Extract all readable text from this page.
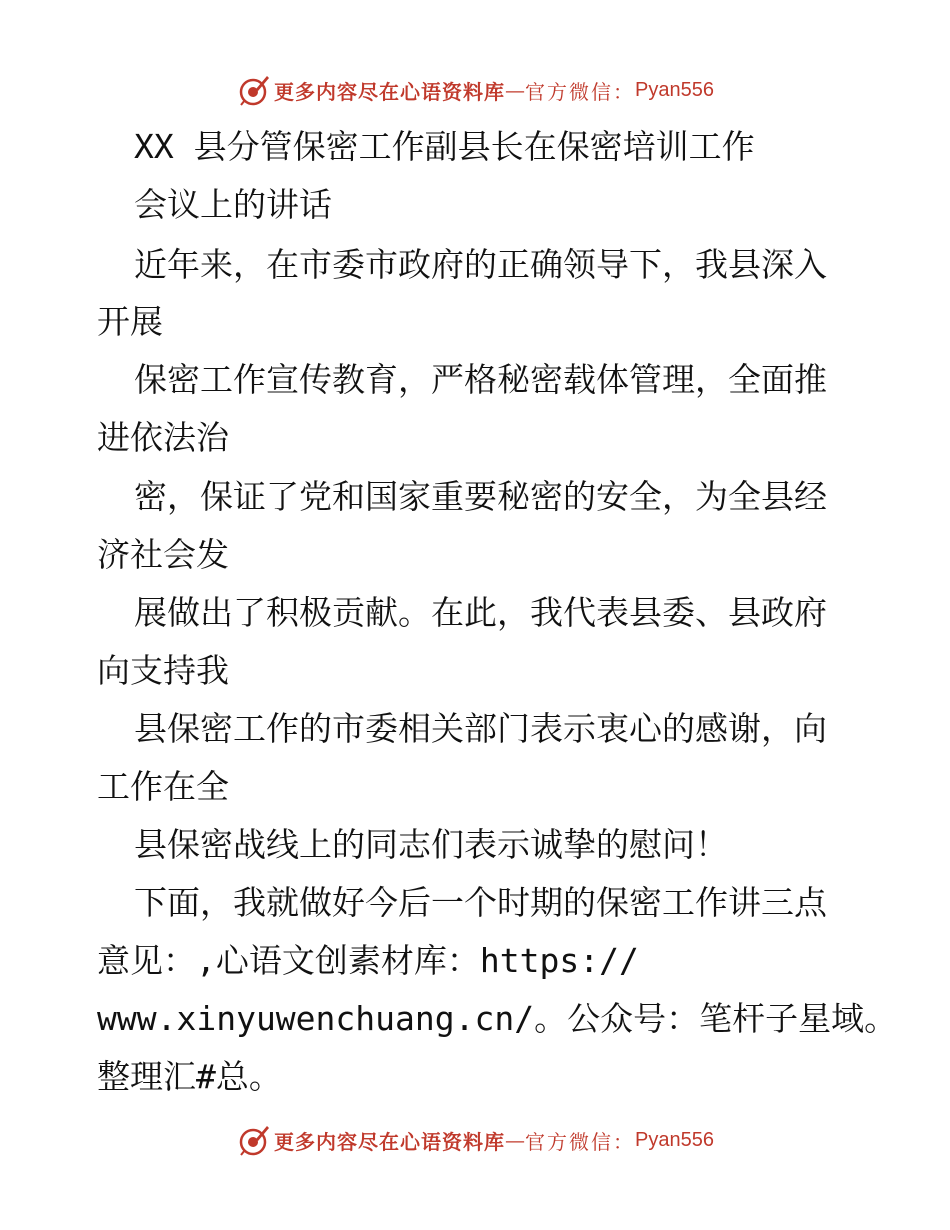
更多内容尽在心语资料库 — 官方微信： Pyan556
XX 县分管保密工作副县长在保密培训工作
会议上的讲话
近年来，在市委市政府的正确领导下，我县深入
开展
保密工作宣传教育，严格秘密载体管理，全面推
进依法治
密，保证了党和国家重要秘密的安全，为全县经
济社会发
展做出了积极贡献。在此，我代表县委、县政府
向支持我
县保密工作的市委相关部门表示衷心的感谢，向
工作在全
县保密战线上的同志们表示诚挚的慰问！
下面，我就做好今后一个时期的保密工作讲三点
意见：,心语文创素材库：https://
www.xinyuwenchuang.cn/。公众号：笔杆子星域。
整理汇#总。
更多内容尽在心语资料库 — 官方微信： Pyan556
